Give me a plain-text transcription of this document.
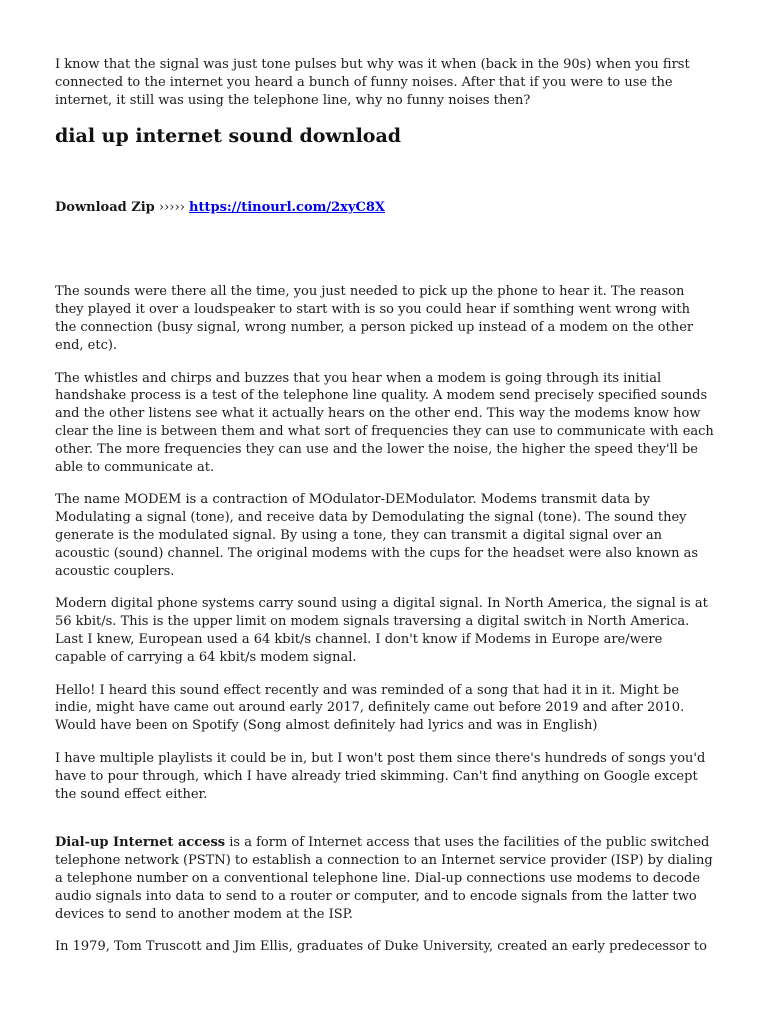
I know that the signal was just tone pulses but why was it when (back in the 90s) when you first connected to the internet you heard a bunch of funny noises. After that if you were to use the internet, it still was using the telephone line, why no funny noises then?

dial up internet sound download
Download Zip ››››› https://tinourl.com/2xyC8X

The sounds were there all the time, you just needed to pick up the phone to hear it. The reason they played it over a loudspeaker to start with is so you could hear if somthing went wrong with the connection (busy signal, wrong number, a person picked up instead of a modem on the other end, etc).

The whistles and chirps and buzzes that you hear when a modem is going through its initial handshake process is a test of the telephone line quality. A modem send precisely specified sounds and the other listens see what it actually hears on the other end. This way the modems know how clear the line is between them and what sort of frequencies they can use to communicate with each other. The more frequencies they can use and the lower the noise, the higher the speed they'll be able to communicate at.

The name MODEM is a contraction of MOdulator-DEModulator. Modems transmit data by Modulating a signal (tone), and receive data by Demodulating the signal (tone). The sound they generate is the modulated signal. By using a tone, they can transmit a digital signal over an acoustic (sound) channel. The original modems with the cups for the headset were also known as acoustic couplers.

Modern digital phone systems carry sound using a digital signal. In North America, the signal is at 56 kbit/s. This is the upper limit on modem signals traversing a digital switch in North America. Last I knew, European used a 64 kbit/s channel. I don't know if Modems in Europe are/were capable of carrying a 64 kbit/s modem signal.

Hello! I heard this sound effect recently and was reminded of a song that had it in it. Might be indie, might have came out around early 2017, definitely came out before 2019 and after 2010. Would have been on Spotify (Song almost definitely had lyrics and was in English)

I have multiple playlists it could be in, but I won't post them since there's hundreds of songs you'd have to pour through, which I have already tried skimming. Can't find anything on Google except the sound effect either.

Dial-up Internet access is a form of Internet access that uses the facilities of the public switched telephone network (PSTN) to establish a connection to an Internet service provider (ISP) by dialing a telephone number on a conventional telephone line. Dial-up connections use modems to decode audio signals into data to send to a router or computer, and to encode signals from the latter two devices to send to another modem at the ISP.

In 1979, Tom Truscott and Jim Ellis, graduates of Duke University, created an early predecessor to
